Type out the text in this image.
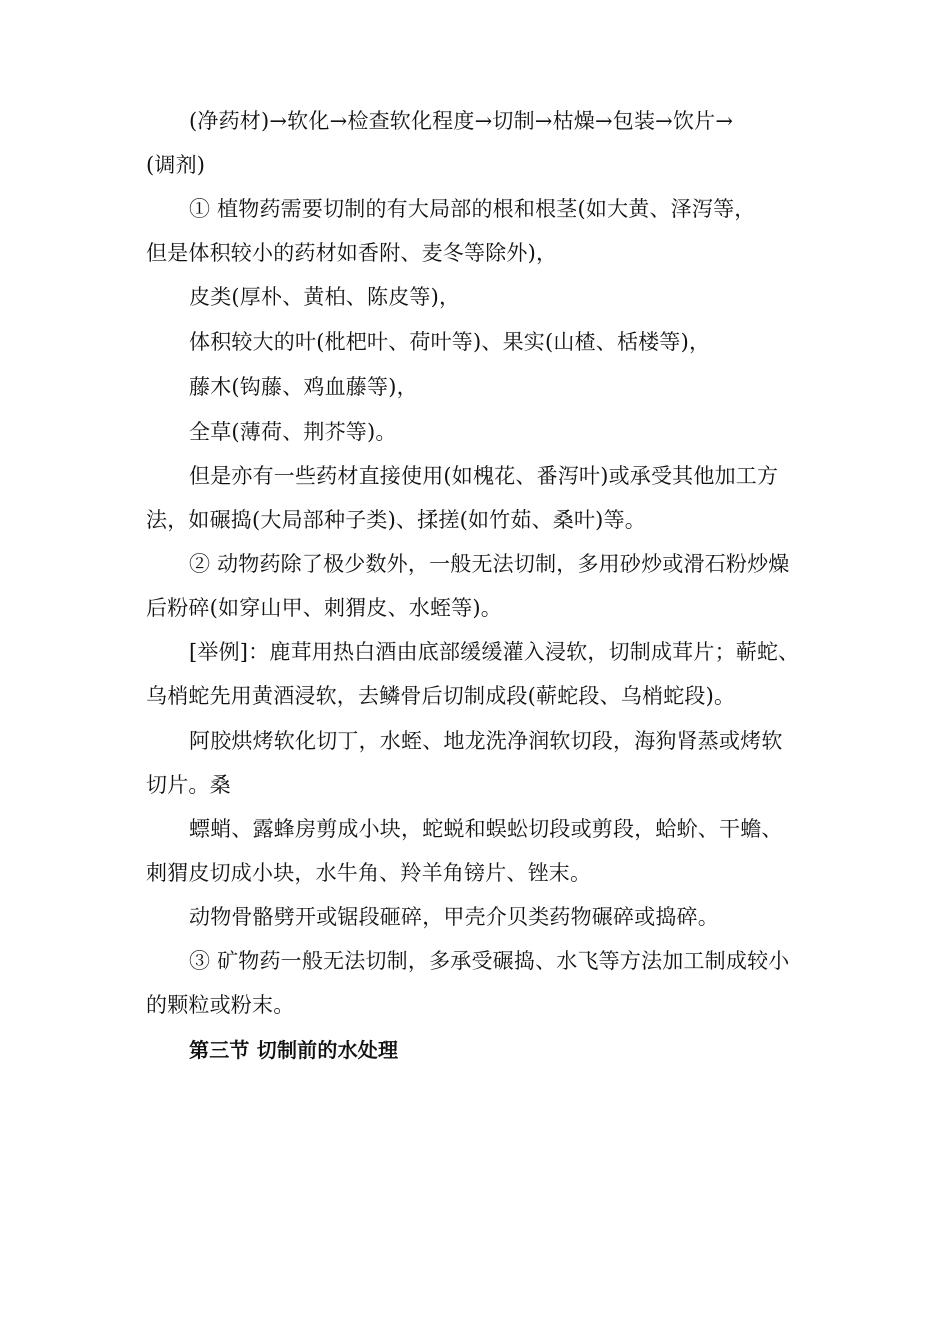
(净药材)→软化→检查软化程度→切制→枯燥→包装→饮片→
(调剂)
① 植物药需要切制的有大局部的根和根茎(如大黄、泽泻等，
但是体积较小的药材如香附、麦冬等除外)，
皮类(厚朴、黄柏、陈皮等)，
体积较大的叶(枇杷叶、荷叶等)、果实(山楂、栝楼等)，
藤木(钩藤、鸡血藤等)，
全草(薄荷、荆芥等)。
但是亦有一些药材直接使用(如槐花、番泻叶)或承受其他加工方
法，如碾捣(大局部种子类)、揉搓(如竹茹、桑叶)等。
② 动物药除了极少数外，一般无法切制，多用砂炒或滑石粉炒燥
后粉碎(如穿山甲、刺猬皮、水蛭等)。
[举例]：鹿茸用热白酒由底部缓缓灌入浸软，切制成茸片；蕲蛇、
乌梢蛇先用黄酒浸软，去鳞骨后切制成段(蕲蛇段、乌梢蛇段)。
阿胶烘烤软化切丁，水蛭、地龙洗净润软切段，海狗肾蒸或烤软
切片。桑
螵蛸、露蜂房剪成小块，蛇蜕和蜈蚣切段或剪段，蛤蚧、干蟾、
刺猬皮切成小块，水牛角、羚羊角镑片、锉末。
动物骨骼劈开或锯段砸碎，甲壳介贝类药物碾碎或捣碎。
③ 矿物药一般无法切制，多承受碾捣、水飞等方法加工制成较小
的颗粒或粉末。
第三节 切制前的水处理
